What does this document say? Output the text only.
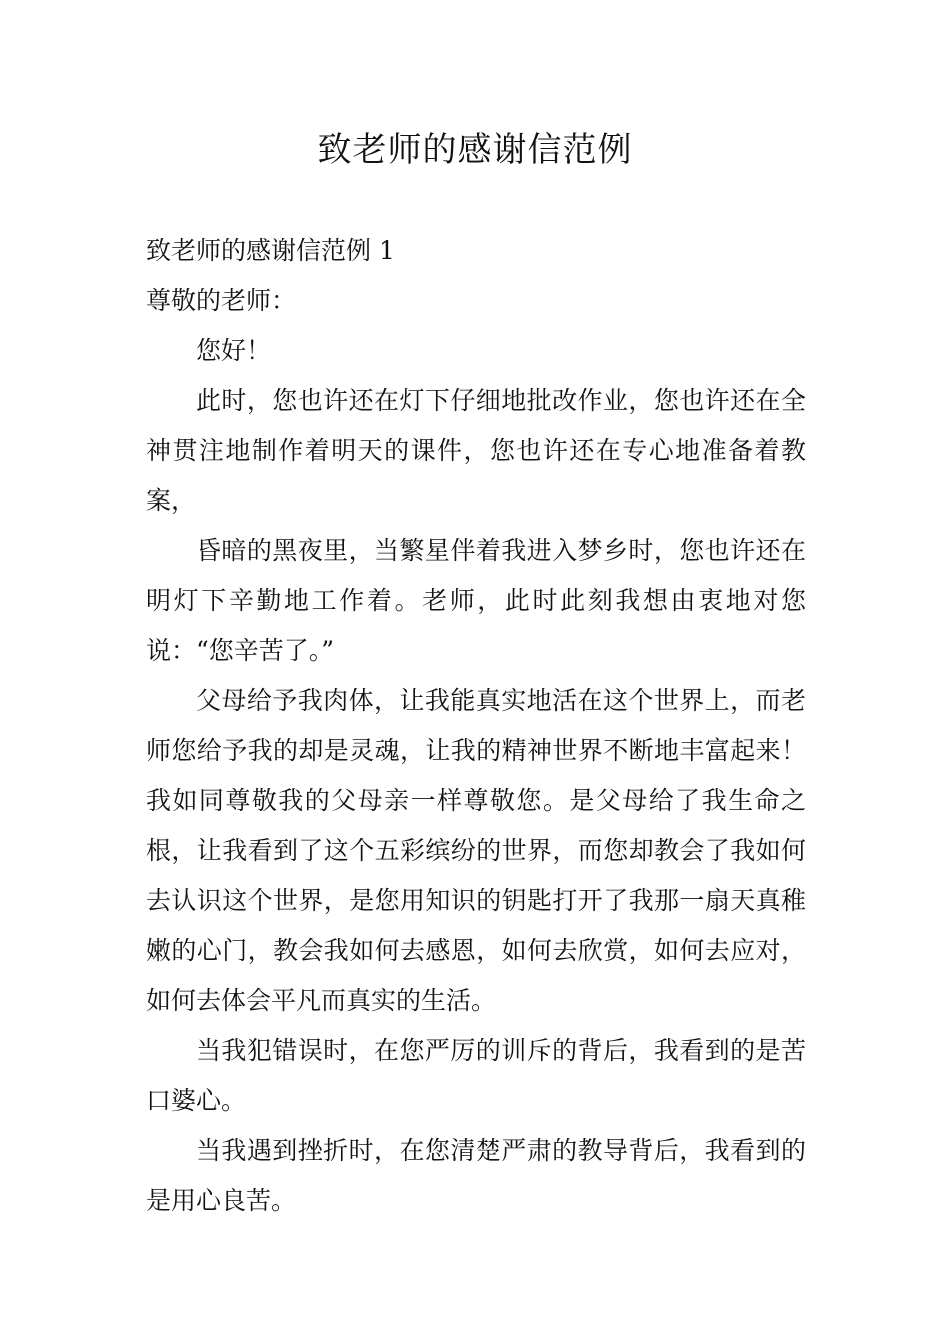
致老师的感谢信范例
致老师的感谢信范例 1
尊敬的老师：

您好！

此时，您也许还在灯下仔细地批改作业，您也许还在全神贯注地制作着明天的课件，您也许还在专心地准备着教案，

昏暗的黑夜里，当繁星伴着我进入梦乡时，您也许还在明灯下辛勤地工作着。老师，此时此刻我想由衷地对您说：“您辛苦了。”

父母给予我肉体，让我能真实地活在这个世界上，而老师您给予我的却是灵魂，让我的精神世界不断地丰富起来！我如同尊敬我的父母亲一样尊敬您。是父母给了我生命之根，让我看到了这个五彩缤纷的世界，而您却教会了我如何去认识这个世界，是您用知识的钥匙打开了我那一扇天真稚嫩的心门，教会我如何去感恩，如何去欣赏，如何去应对，如何去体会平凡而真实的生活。

当我犯错误时，在您严厉的训斥的背后，我看到的是苦口婆心。

当我遇到挫折时，在您清楚严肃的教导背后，我看到的是用心良苦。
